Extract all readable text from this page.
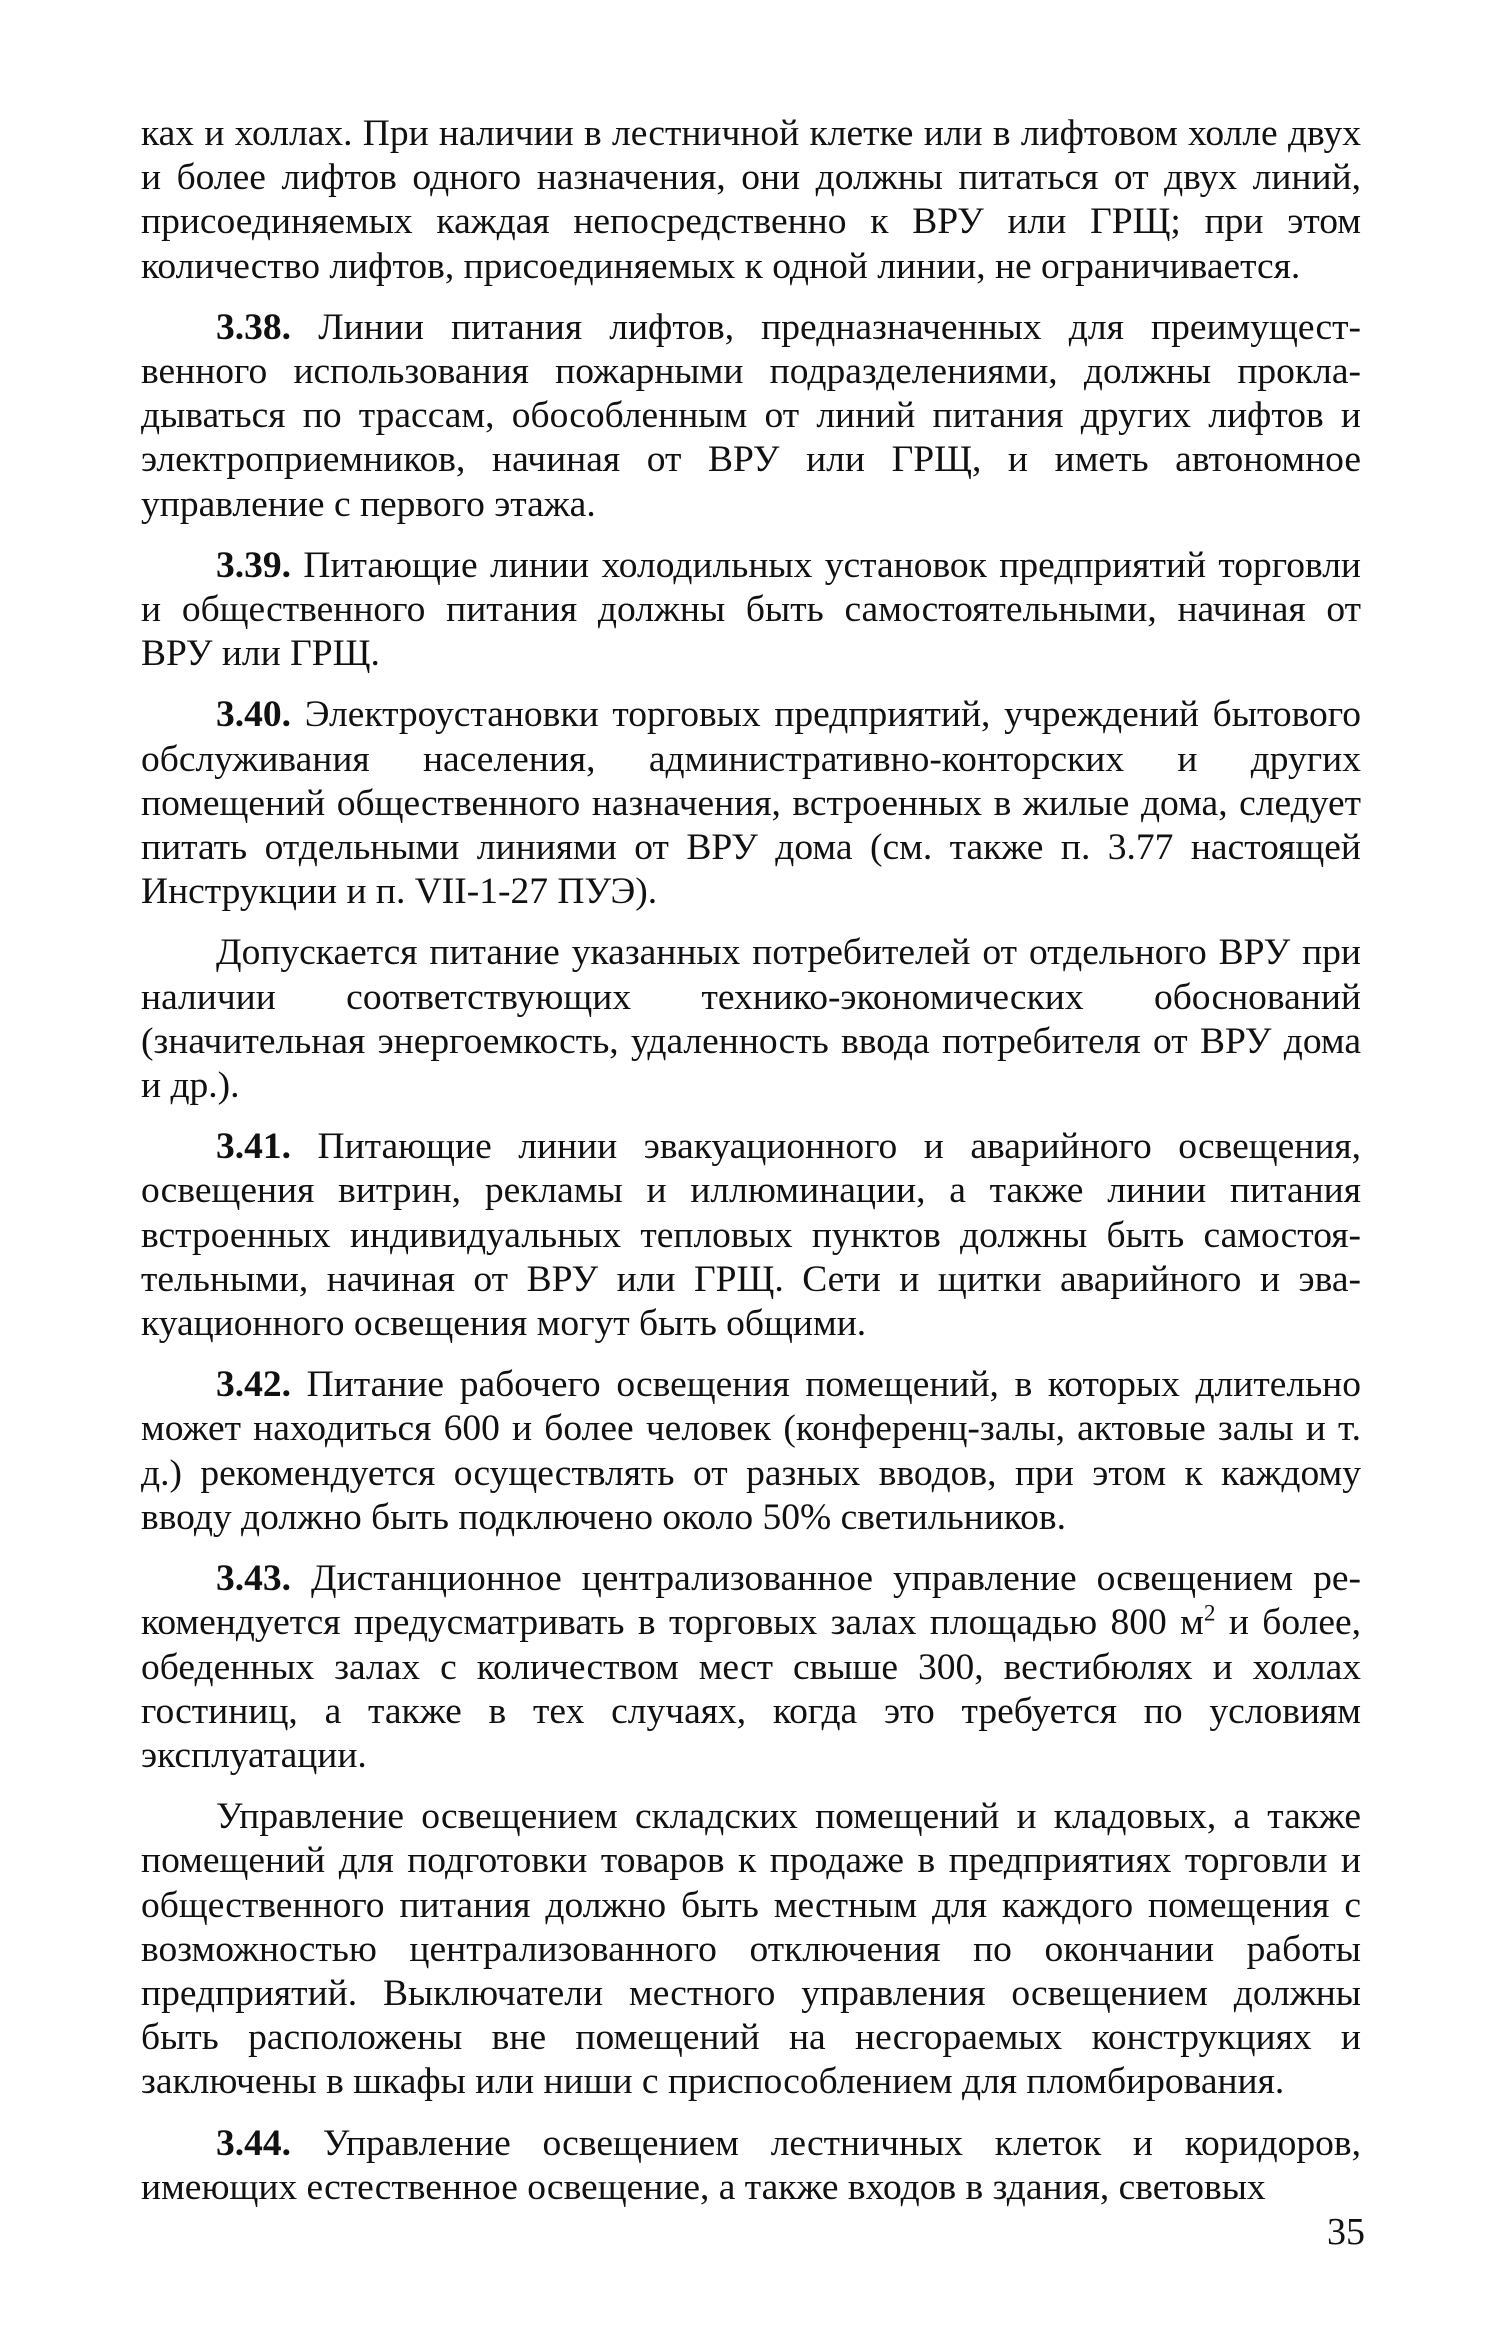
ках и холлах. При наличии в лестничной клетке или в лифтовом холле двух и более лифтов одного назначения, они должны питаться от двух линий, присоединяемых каждая непосредственно к ВРУ или ГРЩ; при этом количество лифтов, присоединяемых к одной линии, не ограничивается.

3.38. Линии питания лифтов, предназначенных для преимущественного использования пожарными подразделениями, должны прокладываться по трассам, обособленным от линий питания других лифтов и электроприемников, начиная от ВРУ или ГРЩ, и иметь автономное управление с первого этажа.

3.39. Питающие линии холодильных установок предприятий торговли и общественного питания должны быть самостоятельными, начиная от ВРУ или ГРЩ.

3.40. Электроустановки торговых предприятий, учреждений бытового обслуживания населения, административно-конторских и других помещений общественного назначения, встроенных в жилые дома, следует питать отдельными линиями от ВРУ дома (см. также п. 3.77 настоящей Инструкции и п. VII-1-27 ПУЭ).

Допускается питание указанных потребителей от отдельного ВРУ при наличии соответствующих технико-экономических обоснований (значительная энергоемкость, удаленность ввода потребителя от ВРУ дома и др.).

3.41. Питающие линии эвакуационного и аварийного освещения, освещения витрин, рекламы и иллюминации, а также линии питания встроенных индивидуальных тепловых пунктов должны быть самостоятельными, начиная от ВРУ или ГРЩ. Сети и щитки аварийного и эвакуационного освещения могут быть общими.

3.42. Питание рабочего освещения помещений, в которых длительно может находиться 600 и более человек (конференц-залы, актовые залы и т. д.) рекомендуется осуществлять от разных вводов, при этом к каждому вводу должно быть подключено около 50% светильников.

3.43. Дистанционное централизованное управление освещением рекомендуется предусматривать в торговых залах площадью 800 $м^2$ и более, обеденных залах с количеством мест свыше 300, вестибюлях и холлах гостиниц, а также в тех случаях, когда это требуется по условиям эксплуатации.

Управление освещением складских помещений и кладовых, а также помещений для подготовки товаров к продаже в предприятиях торговли и общественного питания должно быть местным для каждого помещения с возможностью централизованного отключения по окончании работы предприятий. Выключатели местного управления освещением должны быть расположены вне помещений на несгораемых конструкциях и заключены в шкафы или ниши с приспособлением для пломбирования.

3.44. Управление освещением лестничных клеток и коридоров, имеющих естественное освещение, а также входов в здания, световых

35
